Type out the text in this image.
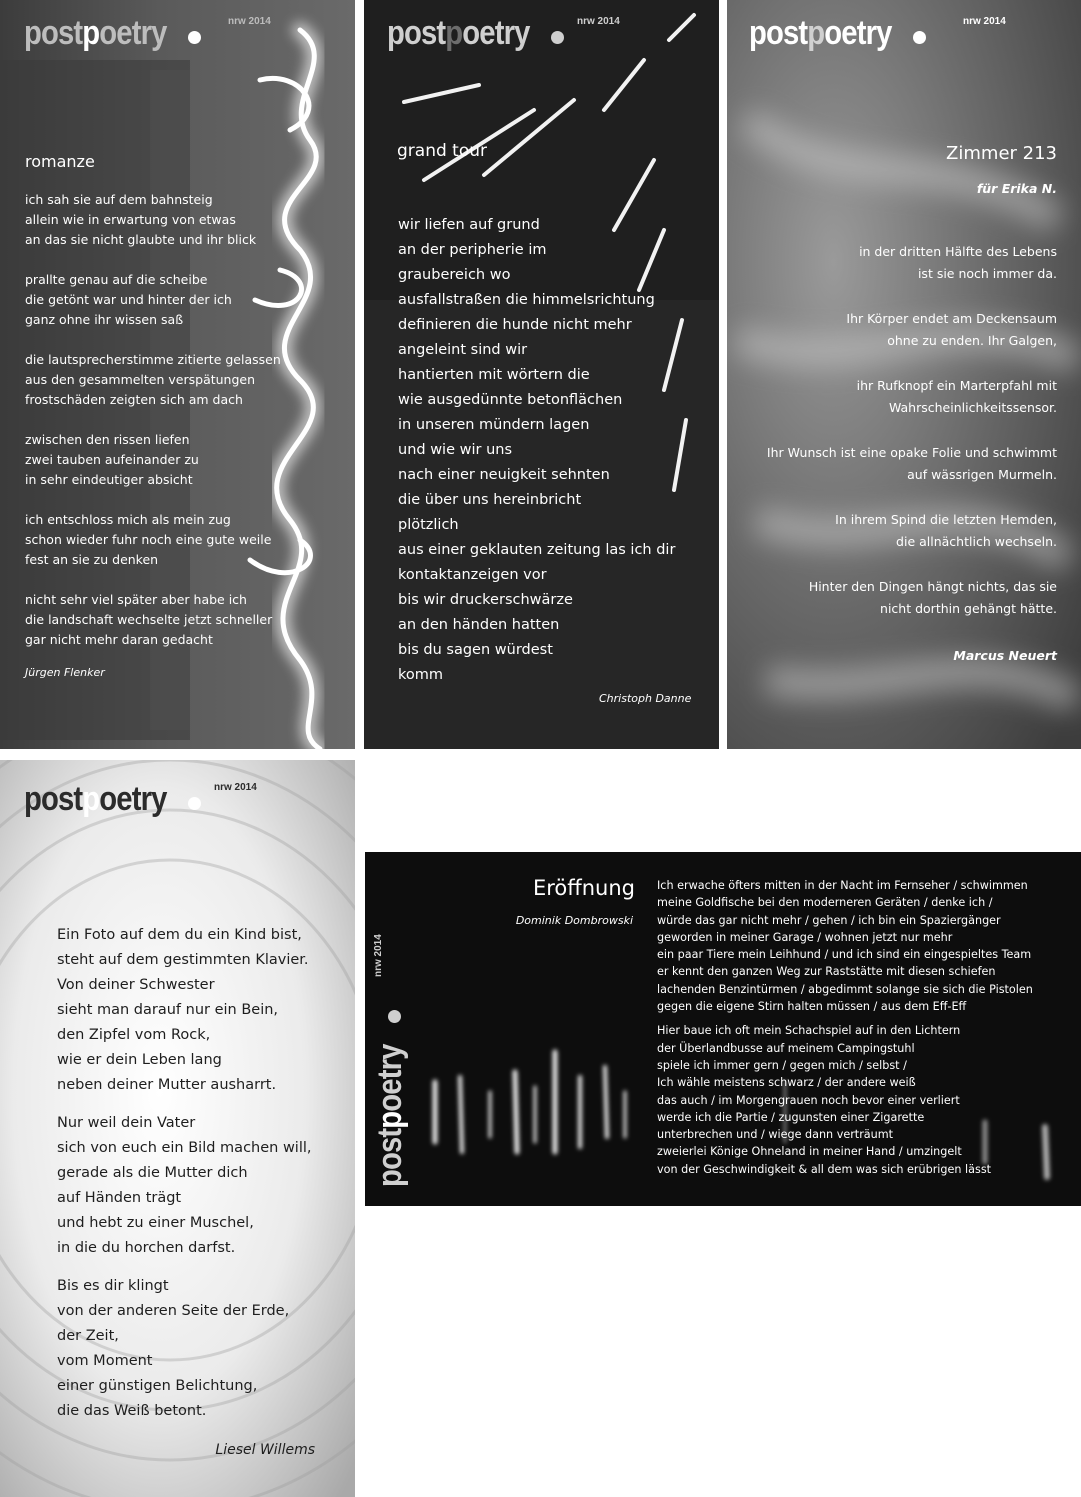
postpoetry	nrw 2014
romanze
ich sah sie auf dem bahnsteig
allein wie in erwartung von etwas
an das sie nicht glaubte und ihr blick
prallte genau auf die scheibe
die getönt war und hinter der ich
ganz ohne ihr wissen saß
die lautsprecherstimme zitierte gelassen
aus den gesammelten verspätungen
frostschäden zeigten sich am dach
zwischen den rissen liefen
zwei tauben aufeinander zu
in sehr eindeutiger absicht
ich entschloss mich als mein zug
schon wieder fuhr noch eine gute weile
fest an sie zu denken
nicht sehr viel später aber habe ich
die landschaft wechselte jetzt schneller
gar nicht mehr daran gedacht
Jürgen Flenker
postpoetry	nrw 2014
grand tour
wir liefen auf grund
an der peripherie im
graubereich wo
ausfallstraßen die himmelsrichtung
definieren die hunde nicht mehr
angeleint sind wir
hantierten mit wörtern die
wie ausgedünnte betonflächen
in unseren mündern lagen
und wie wir uns
nach einer neuigkeit sehnten
die über uns hereinbricht
plötzlich
aus einer geklauten zeitung las ich dir
kontaktanzeigen vor
bis wir druckerschwärze
an den händen hatten
bis du sagen würdest
komm
Christoph Danne
postpoetry	nrw 2014
Zimmer 213
für Erika N.
in der dritten Hälfte des Lebens
ist sie noch immer da.
Ihr Körper endet am Deckensaum
ohne zu enden. Ihr Galgen,
ihr Rufknopf ein Marterpfahl mit
Wahrscheinlichkeitssensor.
Ihr Wunsch ist eine opake Folie und schwimmt
auf wässrigen Murmeln.
In ihrem Spind die letzten Hemden,
die allnächtlich wechseln.
Hinter den Dingen hängt nichts, das sie
nicht dorthin gehängt hätte.
Marcus Neuert
postpoetry	nrw 2014
Ein Foto auf dem du ein Kind bist,
steht auf dem gestimmten Klavier.
Von deiner Schwester
sieht man darauf nur ein Bein,
den Zipfel vom Rock,
wie er dein Leben lang
neben deiner Mutter ausharrt.
Nur weil dein Vater
sich von euch ein Bild machen will,
gerade als die Mutter dich
auf Händen trägt
und hebt zu einer Muschel,
in die du horchen darfst.
Bis es dir klingt
von der anderen Seite der Erde,
der Zeit,
vom Moment
einer günstigen Belichtung,
die das Weiß betont.
Liesel Willems
postpoetry
nrw 2014
Eröffnung
Dominik Dombrowski
Ich erwache öfters mitten in der Nacht im Fernseher / schwimmen
meine Goldfische bei den moderneren Geräten / denke ich /
würde das gar nicht mehr / gehen / ich bin ein Spaziergänger
geworden in meiner Garage / wohnen jetzt nur mehr
ein paar Tiere mein Leihhund / und ich sind ein eingespieltes Team
er kennt den ganzen Weg zur Raststätte mit diesen schiefen
lachenden Benzintürmen / abgedimmt solange sie sich die Pistolen
gegen die eigene Stirn halten müssen / aus dem Eff-Eff
Hier baue ich oft mein Schachspiel auf in den Lichtern
der Überlandbusse auf meinem Campingstuhl
spiele ich immer gern / gegen mich / selbst /
Ich wähle meistens schwarz / der andere weiß
das auch / im Morgengrauen noch bevor einer verliert
werde ich die Partie / zugunsten einer Zigarette
unterbrechen und / wiege dann verträumt
zweierlei Könige Ohneland in meiner Hand / umzingelt
von der Geschwindigkeit & all dem was sich erübrigen lässt
